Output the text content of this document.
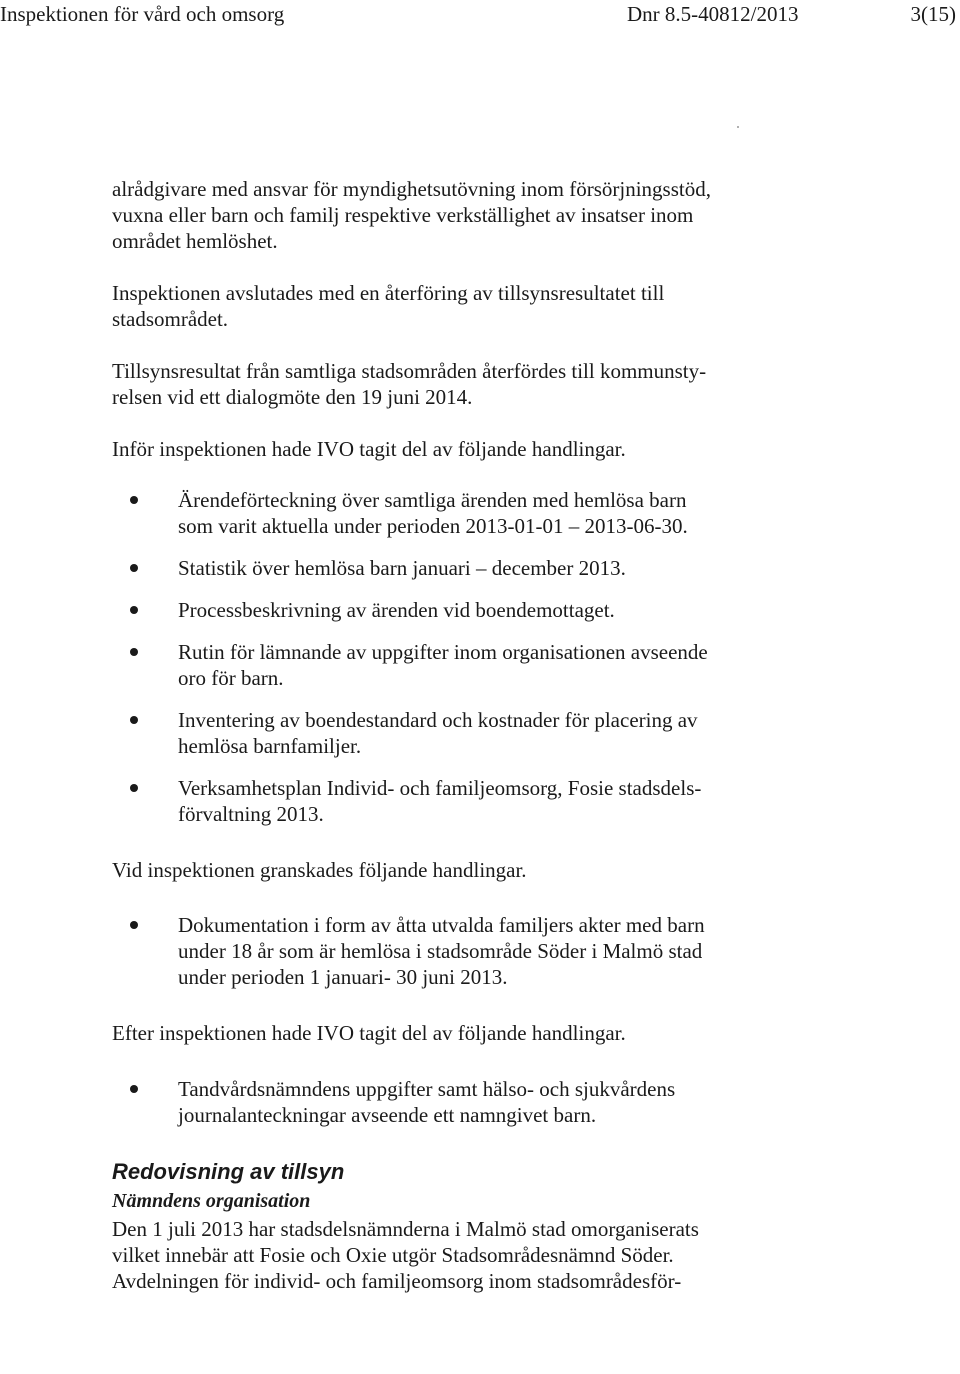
Inspektionen för vård och omsorg	Dnr 8.5-40812/2013	3(15)

alrådgivare med ansvar för myndighetsutövning inom försörjningsstöd,
vuxna eller barn och familj respektive verkställighet av insatser inom
området hemlöshet.

Inspektionen avslutades med en återföring av tillsynsresultatet till
stadsområdet.

Tillsynsresultat från samtliga stadsområden återfördes till kommunsty-
relsen vid ett dialogmöte den 19 juni 2014.

Inför inspektionen hade IVO tagit del av följande handlingar.

Ärendeförteckning över samtliga ärenden med hemlösa barn
som varit aktuella under perioden 2013-01-01 – 2013-06-30.
Statistik över hemlösa barn januari – december 2013.
Processbeskrivning av ärenden vid boendemottaget.
Rutin för lämnande av uppgifter inom organisationen avseende
oro för barn.
Inventering av boendestandard och kostnader för placering av
hemlösa barnfamiljer.
Verksamhetsplan Individ- och familjeomsorg, Fosie stadsdels-
förvaltning 2013.

Vid inspektionen granskades följande handlingar.

Dokumentation i form av åtta utvalda familjers akter med barn
under 18 år som är hemlösa i stadsområde Söder i Malmö stad
under perioden 1 januari- 30 juni 2013.

Efter inspektionen hade IVO tagit del av följande handlingar.

Tandvårdsnämndens uppgifter samt hälso- och sjukvårdens
journalanteckningar avseende ett namngivet barn.
Redovisning av tillsyn
Nämndens organisation

Den 1 juli 2013 har stadsdelsnämnderna i Malmö stad omorganiserats
vilket innebär att Fosie och Oxie utgör Stadsområdesnämnd Söder.
Avdelningen för individ- och familjeomsorg inom stadsområdesför-
